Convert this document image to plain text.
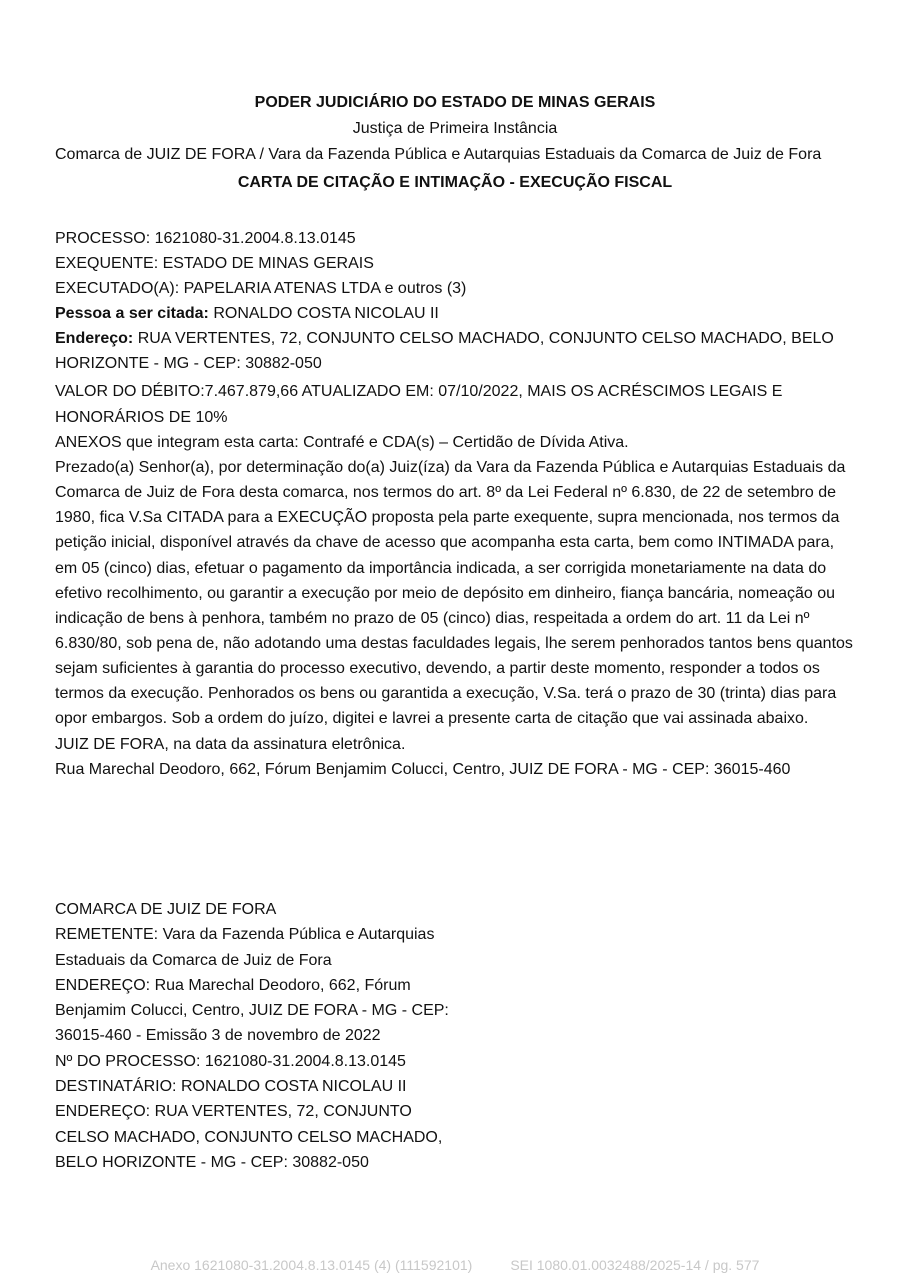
PODER JUDICIÁRIO DO ESTADO DE MINAS GERAIS
Justiça de Primeira Instância
Comarca de JUIZ DE FORA / Vara da Fazenda Pública e Autarquias Estaduais da Comarca de Juiz de Fora
CARTA DE CITAÇÃO E INTIMAÇÃO - EXECUÇÃO FISCAL
PROCESSO: 1621080-31.2004.8.13.0145
EXEQUENTE: ESTADO DE MINAS GERAIS
EXECUTADO(A): PAPELARIA ATENAS LTDA e outros (3)
Pessoa a ser citada: RONALDO COSTA NICOLAU II
Endereço: RUA VERTENTES, 72, CONJUNTO CELSO MACHADO, CONJUNTO CELSO MACHADO, BELO HORIZONTE - MG - CEP: 30882-050
VALOR DO DÉBITO:7.467.879,66 ATUALIZADO EM: 07/10/2022, MAIS OS ACRÉSCIMOS LEGAIS E HONORÁRIOS DE 10%
ANEXOS que integram esta carta: Contrafé e CDA(s) – Certidão de Dívida Ativa.
Prezado(a) Senhor(a), por determinação do(a) Juiz(íza) da Vara da Fazenda Pública e Autarquias Estaduais da Comarca de Juiz de Fora desta comarca, nos termos do art. 8º da Lei Federal nº 6.830, de 22 de setembro de 1980, fica V.Sa CITADA para a EXECUÇÃO proposta pela parte exequente, supra mencionada, nos termos da petição inicial, disponível através da chave de acesso que acompanha esta carta, bem como INTIMADA para, em 05 (cinco) dias, efetuar o pagamento da importância indicada, a ser corrigida monetariamente na data do efetivo recolhimento, ou garantir a execução por meio de depósito em dinheiro, fiança bancária, nomeação ou indicação de bens à penhora, também no prazo de 05 (cinco) dias, respeitada a ordem do art. 11 da Lei nº 6.830/80, sob pena de, não adotando uma destas faculdades legais, lhe serem penhorados tantos bens quantos sejam suficientes à garantia do processo executivo, devendo, a partir deste momento, responder a todos os termos da execução. Penhorados os bens ou garantida a execução, V.Sa. terá o prazo de 30 (trinta) dias para opor embargos. Sob a ordem do juízo, digitei e lavrei a presente carta de citação que vai assinada abaixo.
JUIZ DE FORA, na data da assinatura eletrônica.
Rua Marechal Deodoro, 662, Fórum Benjamim Colucci, Centro, JUIZ DE FORA - MG - CEP: 36015-460
COMARCA DE JUIZ DE FORA
REMETENTE: Vara da Fazenda Pública e Autarquias Estaduais da Comarca de Juiz de Fora
ENDEREÇO: Rua Marechal Deodoro, 662, Fórum Benjamim Colucci, Centro, JUIZ DE FORA - MG - CEP: 36015-460 - Emissão 3 de novembro de 2022
Nº DO PROCESSO: 1621080-31.2004.8.13.0145
DESTINATÁRIO: RONALDO COSTA NICOLAU II
ENDEREÇO: RUA VERTENTES, 72, CONJUNTO CELSO MACHADO, CONJUNTO CELSO MACHADO, BELO HORIZONTE - MG - CEP: 30882-050
Anexo 1621080-31.2004.8.13.0145 (4) (111592101)	SEI 1080.01.0032488/2025-14 / pg. 577
